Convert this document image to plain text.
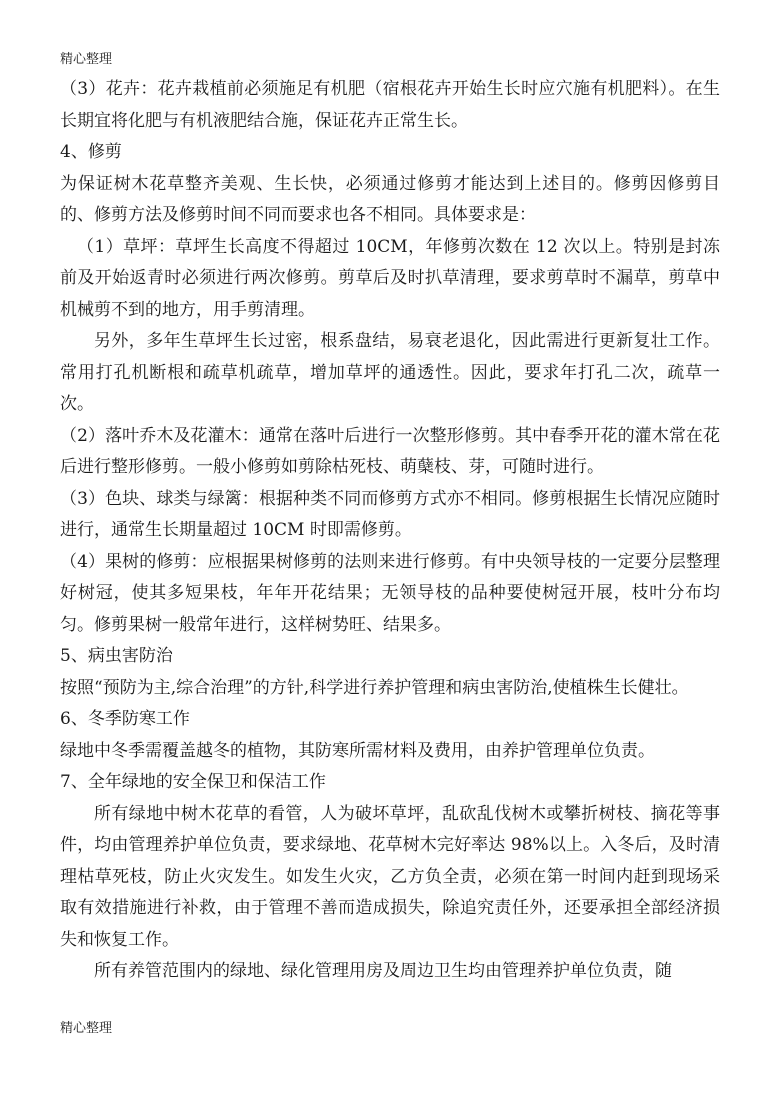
精心整理

（3）花卉：花卉栽植前必须施足有机肥（宿根花卉开始生长时应穴施有机肥料）。在生长期宜将化肥与有机液肥结合施，保证花卉正常生长。

4、修剪

为保证树木花草整齐美观、生长快，必须通过修剪才能达到上述目的。修剪因修剪目的、修剪方法及修剪时间不同而要求也各不相同。具体要求是：

（1）草坪：草坪生长高度不得超过 10CM，年修剪次数在 12 次以上。特别是封冻前及开始返青时必须进行两次修剪。剪草后及时扒草清理，要求剪草时不漏草，剪草中机械剪不到的地方，用手剪清理。

另外，多年生草坪生长过密，根系盘结，易衰老退化，因此需进行更新复壮工作。常用打孔机断根和疏草机疏草，增加草坪的通透性。因此，要求年打孔二次，疏草一次。

（2）落叶乔木及花灌木：通常在落叶后进行一次整形修剪。其中春季开花的灌木常在花后进行整形修剪。一般小修剪如剪除枯死枝、萌蘖枝、芽，可随时进行。

（3）色块、球类与绿篱：根据种类不同而修剪方式亦不相同。修剪根据生长情况应随时进行，通常生长期量超过 10CM 时即需修剪。

（4）果树的修剪：应根据果树修剪的法则来进行修剪。有中央领导枝的一定要分层整理好树冠，使其多短果枝，年年开花结果；无领导枝的品种要使树冠开展，枝叶分布均匀。修剪果树一般常年进行，这样树势旺、结果多。

5、病虫害防治

按照“预防为主,综合治理”的方针,科学进行养护管理和病虫害防治,使植株生长健壮。

6、冬季防寒工作

绿地中冬季需覆盖越冬的植物，其防寒所需材料及费用，由养护管理单位负责。

7、全年绿地的安全保卫和保洁工作

所有绿地中树木花草的看管，人为破坏草坪，乱砍乱伐树木或攀折树枝、摘花等事件，均由管理养护单位负责，要求绿地、花草树木完好率达 98%以上。入冬后，及时清理枯草死枝，防止火灾发生。如发生火灾，乙方负全责，必须在第一时间内赶到现场采取有效措施进行补救，由于管理不善而造成损失，除追究责任外，还要承担全部经济损失和恢复工作。

所有养管范围内的绿地、绿化管理用房及周边卫生均由管理养护单位负责，随

精心整理
